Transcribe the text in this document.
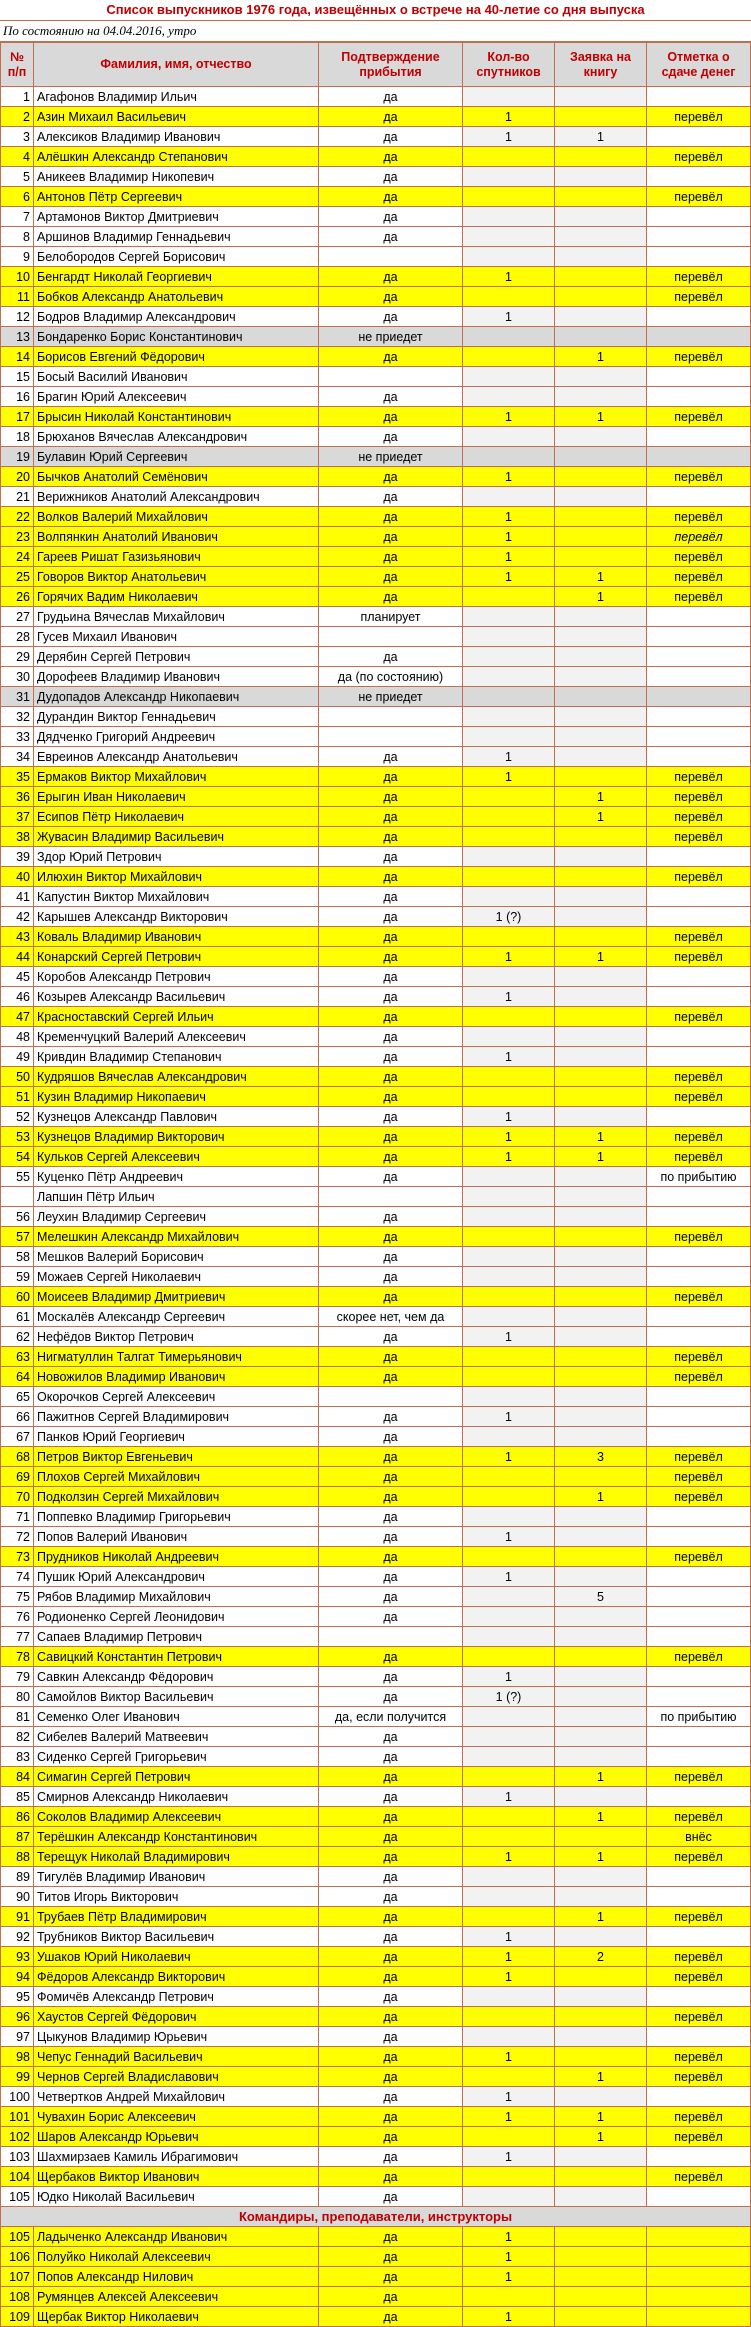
Список выпускников 1976 года, извещённых о встрече на 40-летие со дня выпуска
По состоянию на 04.04.2016, утро
№ п/п	Фамилия, имя, отчество	Подтверждение прибытия	Кол-во спутников	Заявка на книгу	Отметка о сдаче денег
1	Агафонов Владимир Ильич	да			
2	Азин Михаил Васильевич	да	1		перевёл
3	Алексиков Владимир Иванович	да	1	1	
4	Алёшкин Александр Степанович	да			перевёл
5	Аникеев Владимир Никопевич	да			
6	Антонов Пётр Сергеевич	да			перевёл
7	Артамонов Виктор Дмитриевич	да			
8	Аршинов Владимир Геннадьевич	да			
9	Белобородов Сергей Борисович				
10	Бенгардт Николай Георгиевич	да	1		перевёл
11	Бобков Александр Анатольевич	да			перевёл
12	Бодров Владимир Александрович	да	1		
13	Бондаренко Борис Константинович	не приедет			
14	Борисов Евгений Фёдорович	да		1	перевёл
15	Босый Василий Иванович				
16	Брагин Юрий Алексеевич	да			
17	Брысин Николай Константинович	да	1	1	перевёл
18	Брюханов Вячеслав Александрович	да			
19	Булавин Юрий Сергеевич	не приедет			
20	Бычков Анатолий Семёнович	да	1		перевёл
21	Верижников Анатолий Александрович	да			
22	Волков Валерий Михайлович	да	1		перевёл
23	Волпянкин Анатолий Иванович	да	1		перевёл
24	Гареев Ришат Газизьянович	да	1		перевёл
25	Говоров Виктор Анатольевич	да	1	1	перевёл
26	Горячих Вадим Николаевич	да		1	перевёл
27	Грудьина Вячеслав Михайлович	планирует			
28	Гусев Михаил Иванович				
29	Дерябин Сергей Петрович	да			
30	Дорофеев Владимир Иванович	да (по состоянию)			
31	Дудопадов Александр Никопаевич	не приедет			
32	Дурандин Виктор Геннадьевич				
33	Дядченко Григорий Андреевич				
34	Евреинов Александр Анатольевич	да	1		
35	Ермаков Виктор Михайлович	да	1		перевёл
36	Ерыгин Иван Николаевич	да		1	перевёл
37	Есипов Пётр Николаевич	да		1	перевёл
38	Жувасин Владимир Васильевич	да			перевёл
39	Здор Юрий Петрович	да			
40	Илюхин Виктор Михайлович	да			перевёл
41	Капустин Виктор Михайлович	да			
42	Карышев Александр Викторович	да	1 (?)		
43	Коваль Владимир Иванович	да			перевёл
44	Конарский Сергей Петрович	да	1	1	перевёл
45	Коробов Александр Петрович	да			
46	Козырев Александр Васильевич	да	1		
47	Красноставский Сергей Ильич	да			перевёл
48	Кременчуцкий Валерий Алексеевич	да			
49	Кривдин Владимир Степанович	да	1		
50	Кудряшов Вячеслав Александрович	да			перевёл
51	Кузин Владимир Никопаевич	да			перевёл
52	Кузнецов Александр Павлович	да	1		
53	Кузнецов Владимир Викторович	да	1	1	перевёл
54	Кульков Сергей Алексеевич	да	1	1	перевёл
55	Куценко Пётр Андреевич	да			по прибытию
	Лапшин Пётр Ильич				
56	Леухин Владимир Сергеевич	да			
57	Мелешкин Александр Михайлович	да			перевёл
58	Мешков Валерий Борисович	да			
59	Можаев Сергей Николаевич	да			
60	Моисеев Владимир Дмитриевич	да			перевёл
61	Москалёв Александр Сергеевич	скорее нет, чем да			
62	Нефёдов Виктор Петрович	да	1		
63	Нигматуллин Талгат Тимерьянович	да			перевёл
64	Новожилов Владимир Иванович	да			перевёл
65	Окорочков Сергей Алексеевич				
66	Пажитнов Сергей Владимирович	да	1		
67	Панков Юрий Георгиевич	да			
68	Петров Виктор Евгеньевич	да	1	3	перевёл
69	Плохов Сергей Михайлович	да			перевёл
70	Подколзин Сергей Михайлович	да		1	перевёл
71	Поппевко Владимир Григорьевич	да			
72	Попов Валерий Иванович	да	1		
73	Прудников Николай Андреевич	да			перевёл
74	Пушик Юрий Александрович	да	1		
75	Рябов Владимир Михайлович	да		5	
76	Родионенко Сергей Леонидович	да			
77	Сапаев Владимир Петрович				
78	Савицкий Константин Петрович	да			перевёл
79	Савкин Александр Фёдорович	да	1		
80	Самойлов Виктор Васильевич	да	1 (?)		
81	Семенко Олег Иванович	да, если получится			по прибытию
82	Сибелев Валерий Матвеевич	да			
83	Сиденко Сергей Григорьевич	да			
84	Симагин Сергей Петрович	да		1	перевёл
85	Смирнов Александр Николаевич	да	1		
86	Соколов Владимир Алексеевич	да		1	перевёл
87	Терёшкин Александр Константинович	да			внёс
88	Терещук Николай Владимирович	да	1	1	перевёл
89	Тигулёв Владимир Иванович	да			
90	Титов Игорь Викторович	да			
91	Трубаев Пётр Владимирович	да		1	перевёл
92	Трубников Виктор Васильевич	да	1		
93	Ушаков Юрий Николаевич	да	1	2	перевёл
94	Фёдоров Александр Викторович	да	1		перевёл
95	Фомичёв Александр Петрович	да			
96	Хаустов Сергей Фёдорович	да			перевёл
97	Цыкунов Владимир Юрьевич	да			
98	Чепус Геннадий Васильевич	да	1		перевёл
99	Чернов Сергей Владиславович	да		1	перевёл
100	Четвертков Андрей Михайлович	да	1		
101	Чувахин Борис Алексеевич	да	1	1	перевёл
102	Шаров Александр Юрьевич	да		1	перевёл
103	Шахмирзаев Камиль Ибрагимович	да	1		
104	Щербаков Виктор Иванович	да			перевёл
105	Юдко Николай Васильевич	да			
Командиры, преподаватели, инструкторы					
105	Ладыченко Александр Иванович	да	1		
106	Полуйко Николай Алексеевич	да	1		
107	Попов Александр Нилович	да	1		
108	Румянцев Алексей Алексеевич	да			
109	Щербак Виктор Николаевич	да	1		
